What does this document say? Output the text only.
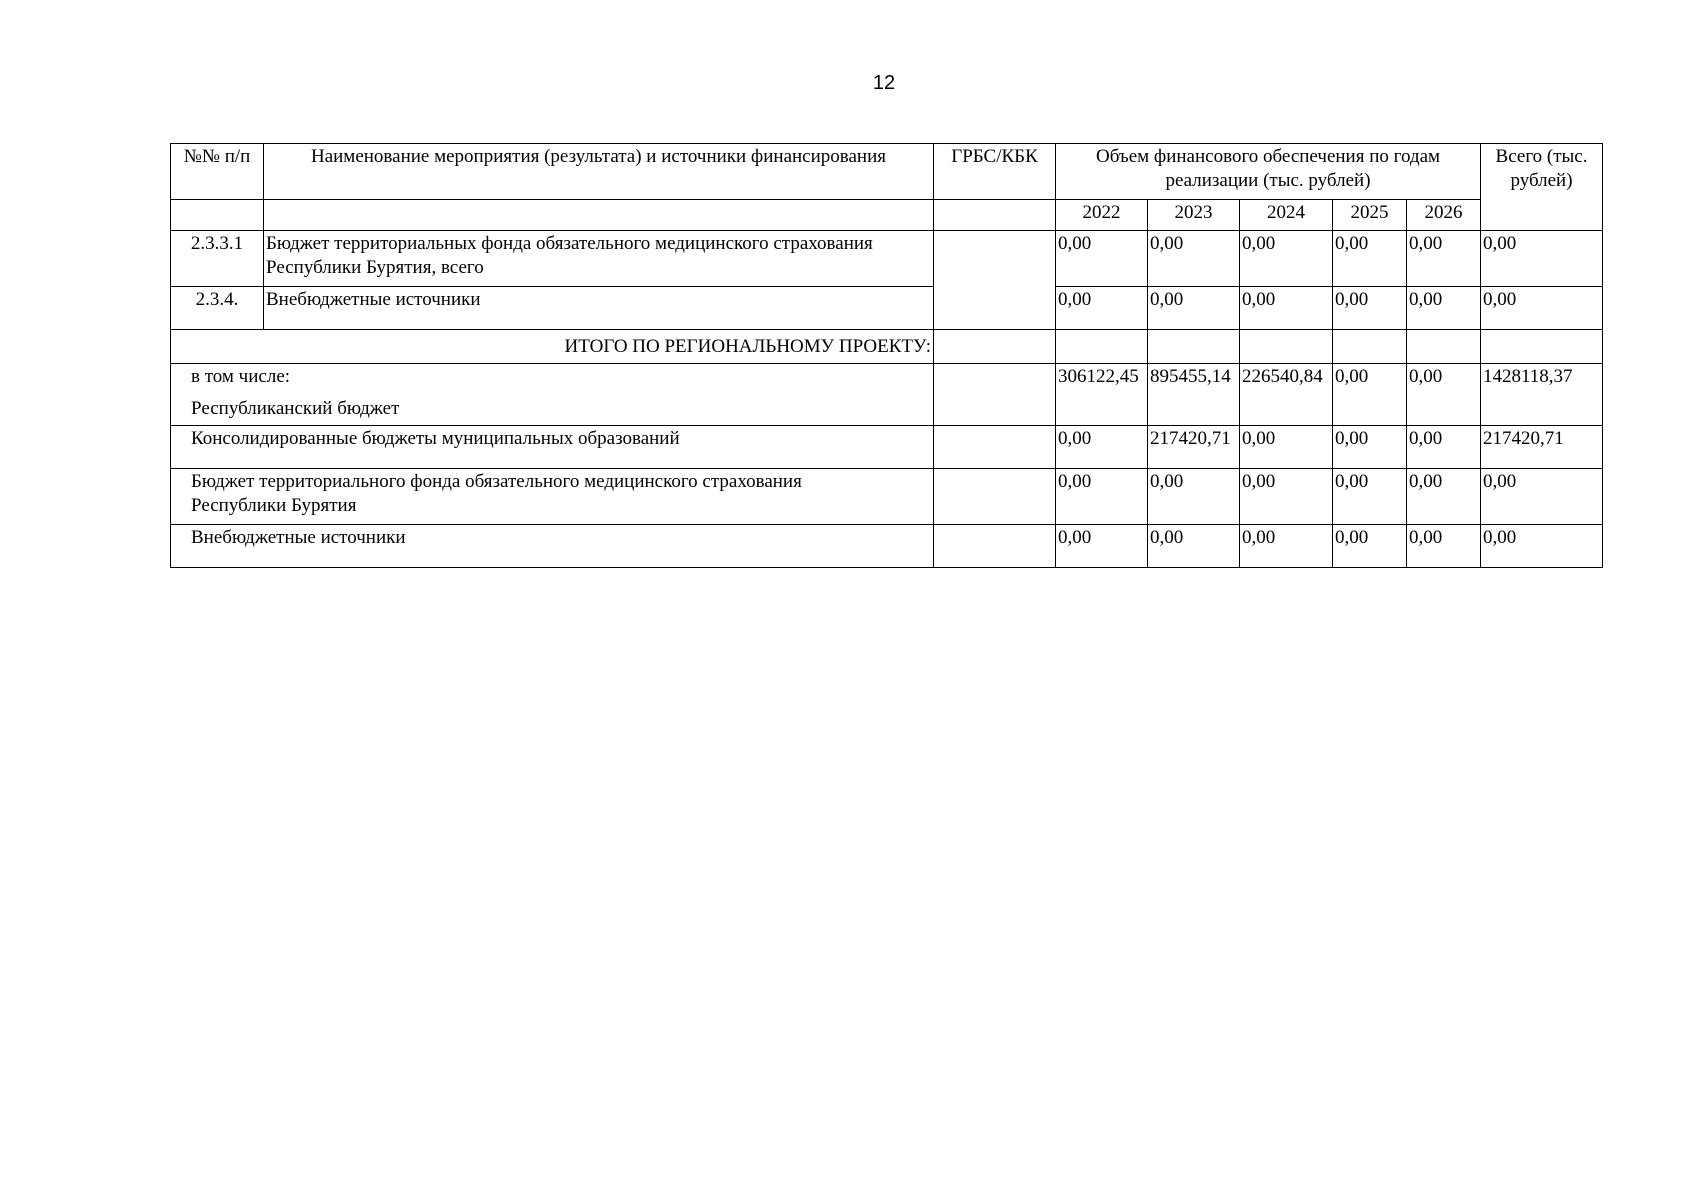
12
№№ п/п	Наименование мероприятия (результата) и источники финансирования	ГРБС/КБК	Объем финансового обеспечения по годам реализации (тыс. рублей)					Всего (тыс. рублей)
			2022	2023	2024	2025	2026	
2.3.3.1	Бюджет территориальных фонда обязательного медицинского страхования Республики Бурятия, всего		0,00	0,00	0,00	0,00	0,00	0,00
2.3.4.	Внебюджетные источники		0,00	0,00	0,00	0,00	0,00	0,00
ИТОГО ПО РЕГИОНАЛЬНОМУ ПРОЕКТУ:								

в том числе:
Республиканский бюджет			306122,45	895455,14	226540,84	0,00	0,00	1428118,37
Консолидированные бюджеты муниципальных образований			0,00	217420,71	0,00	0,00	0,00	217420,71
Бюджет территориального фонда обязательного медицинского страхования Республики Бурятия			0,00	0,00	0,00	0,00	0,00	0,00
Внебюджетные источники			0,00	0,00	0,00	0,00	0,00	0,00
